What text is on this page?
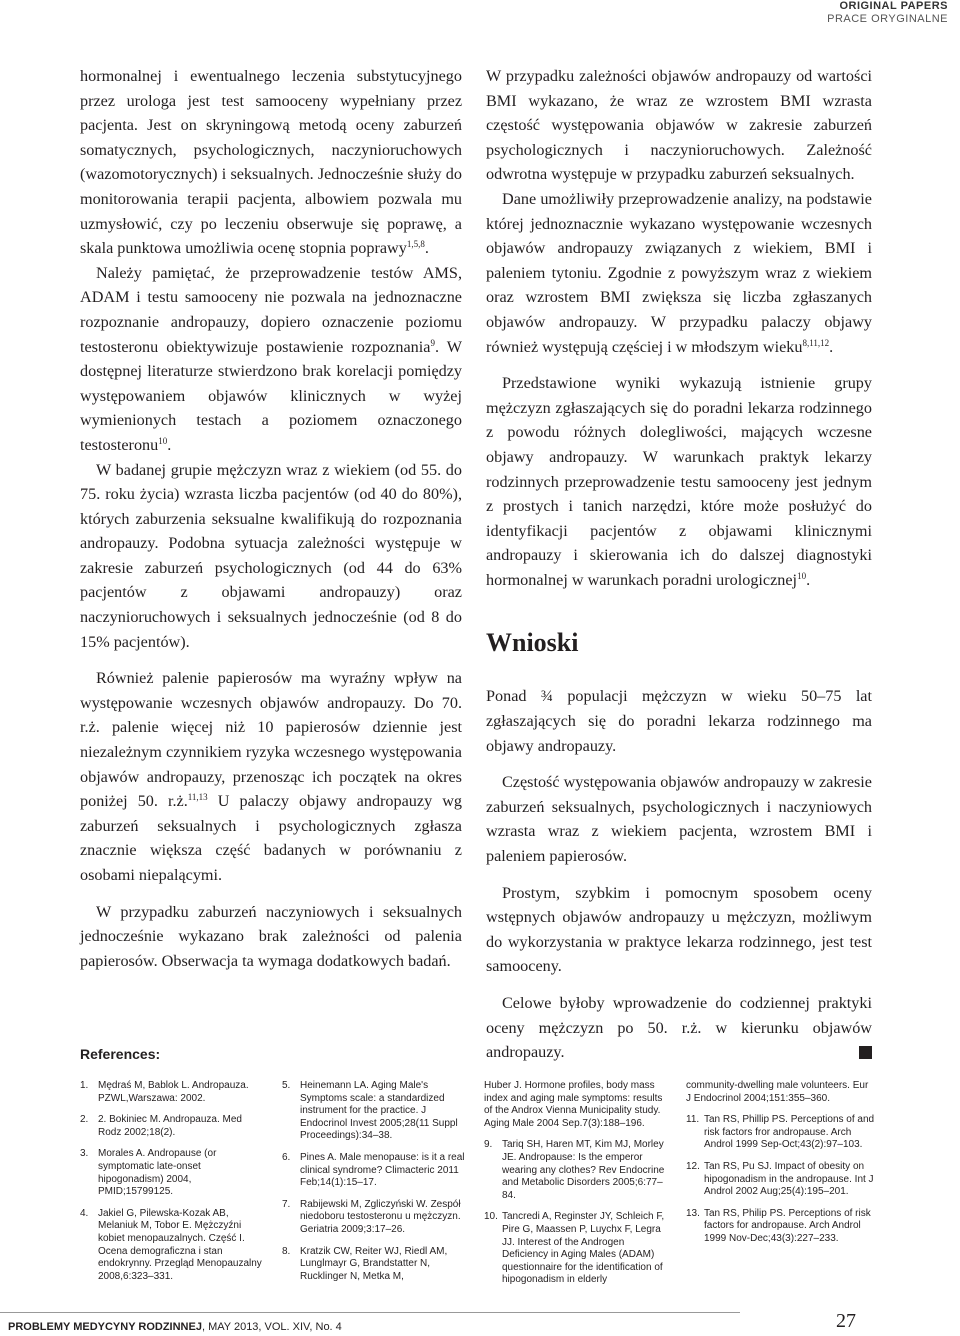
ORIGINAL PAPERS
PRACE ORYGINALNE

hormonalnej i ewentualnego leczenia substytucyjnego przez urologa jest test samooceny wypełniany przez pacjenta. Jest on skryningową metodą oceny zaburzeń somatycznych, psychologicznych, naczynioruchowych (wazomotorycznych) i seksualnych. Jednocześnie służy do monitorowania terapii pacjenta, albowiem pozwala mu uzmysłowić, czy po leczeniu obserwuje się poprawę, a skala punktowa umożliwia ocenę stopnia poprawy$^{1,5,8}$.

Należy pamiętać, że przeprowadzenie testów AMS, ADAM i testu samooceny nie pozwala na jednoznaczne rozpoznanie andropauzy, dopiero oznaczenie poziomu testosteronu obiektywizuje postawienie rozpoznania$^9$. W dostępnej literaturze stwierdzono brak korelacji pomiędzy występowaniem objawów klinicznych w wyżej wymienionych testach a poziomem oznaczonego testosteronu$^{10}$.

W badanej grupie mężczyzn wraz z wiekiem (od 55. do 75. roku życia) wzrasta liczba pacjentów (od 40 do 80%), których zaburzenia seksualne kwalifikują do rozpoznania andropauzy. Podobna sytuacja zależności występuje w zakresie zaburzeń psychologicznych (od 44 do 63% pacjentów z objawami andropauzy) oraz naczynioruchowych i seksualnych jednocześnie (od 8 do 15% pacjentów).

Również palenie papierosów ma wyraźny wpływ na występowanie wczesnych objawów andropauzy. Do 70. r.ż. palenie więcej niż 10 papierosów dziennie jest niezależnym czynnikiem ryzyka wczesnego występowania objawów andropauzy, przenosząc ich początek na okres poniżej 50. r.ż.$^{11,13}$ U palaczy objawy andropauzy wg zaburzeń seksualnych i psychologicznych zgłasza znacznie większa część badanych w porównaniu z osobami niepalącymi.

W przypadku zaburzeń naczyniowych i seksualnych jednocześnie wykazano brak zależności od palenia papierosów. Obserwacja ta wymaga dodatkowych badań.

W przypadku zależności objawów andropauzy od wartości BMI wykazano, że wraz ze wzrostem BMI wzrasta częstość występowania objawów w zakresie zaburzeń psychologicznych i naczynioruchowych. Zależność odwrotna występuje w przypadku zaburzeń seksualnych.

Dane umożliwiły przeprowadzenie analizy, na podstawie której jednoznacznie wykazano występowanie wczesnych objawów andropauzy związanych z wiekiem, BMI i paleniem tytoniu. Zgodnie z powyższym wraz z wiekiem oraz wzrostem BMI zwiększa się liczba zgłaszanych objawów andropauzy. W przypadku palaczy objawy również występują częściej i w młodszym wieku$^{8,11,12}$.

Przedstawione wyniki wykazują istnienie grupy mężczyzn zgłaszających się do poradni lekarza rodzinnego z powodu różnych dolegliwości, mających wczesne objawy andropauzy. W warunkach praktyk lekarzy rodzinnych przeprowadzenie testu samooceny jest jednym z prostych i tanich narzędzi, które może posłużyć do identyfikacji pacjentów z objawami klinicznymi andropauzy i skierowania ich do dalszej diagnostyki hormonalnej w warunkach poradni urologicznej$^{10}$.

Wnioski

Ponad ¾ populacji mężczyzn w wieku 50–75 lat zgłaszających się do poradni lekarza rodzinnego ma objawy andropauzy.

Częstość występowania objawów andropauzy w zakresie zaburzeń seksualnych, psychologicznych i naczyniowych wzrasta wraz z wiekiem pacjenta, wzrostem BMI i paleniem papierosów.

Prostym, szybkim i pomocnym sposobem oceny wstępnych objawów andropauzy u mężczyzn, możliwym do wykorzystania w praktyce lekarza rodzinnego, jest test samooceny.

Celowe byłoby wprowadzenie do codziennej praktyki oceny mężczyzn po 50. r.ż. w kierunku objawów andropauzy.

References:
1. Mędraś M, Bablok L. Andropauza. PZWL,Warszawa: 2002.
2. 2. Bokiniec M. Andropauza. Med Rodz 2002;18(2).
3. Morales A. Andropause (or symptomatic late-onset hipogonadism) 2004, PMID;15799125.
4. Jakiel G, Pilewska-Kozak AB, Melaniuk M, Tobor E. Mężczyźni kobiet menopauzalnych. Część I. Ocena demograficzna i stan endokrynny. Przegląd Menopauzalny 2008,6:323–331.
5. Heinemann LA. Aging Male's Symptoms scale: a standardized instrument for the practice. J Endocrinol Invest 2005;28(11 Suppl Proceedings):34–38.
6. Pines A. Male menopause: is it a real clinical syndrome? Climacteric 2011 Feb;14(1):15–17.
7. Rabijewski M, Zgliczyński W. Zespół niedoboru testosteronu u mężczyzn. Geriatria 2009;3:17–26.
8. Kratzik CW, Reiter WJ, Riedl AM, Lunglmayr G, Brandstatter N, Rucklinger N, Metka M,
Huber J. Hormone profiles, body mass index and aging male symptoms: results of the Androx Vienna Municipality study. Aging Male 2004 Sep.7(3):188–196.
9. Tariq SH, Haren MT, Kim MJ, Morley JE. Andropause: Is the emperor wearing any clothes? Rev Endocrine and Metabolic Disorders 2005;6:77–84.
10. Tancredi A, Reginster JY, Schleich F, Pire G, Maassen P, Luychx F, Legra JJ. Interest of the Androgen Deficiency in Aging Males (ADAM) questionnaire for the identification of hipogonadism in elderly
community-dwelling male volunteers. Eur J Endocrinol 2004;151:355–360.
11. Tan RS, Phillip PS. Perceptions of and risk factors fror andropause. Arch Androl 1999 Sep-Oct;43(2):97–103.
12. Tan RS, Pu SJ. Impact of obesity on hipogonadism in the andropause. Int J Androl 2002 Aug;25(4):195–201.
13. Tan RS, Philip PS. Perceptions of risk factors for andropause. Arch Androl 1999 Nov-Dec;43(3):227–233.
PROBLEMY MEDYCYNY RODZINNEJ, MAY 2013, VOL. XIV, No. 4	27
